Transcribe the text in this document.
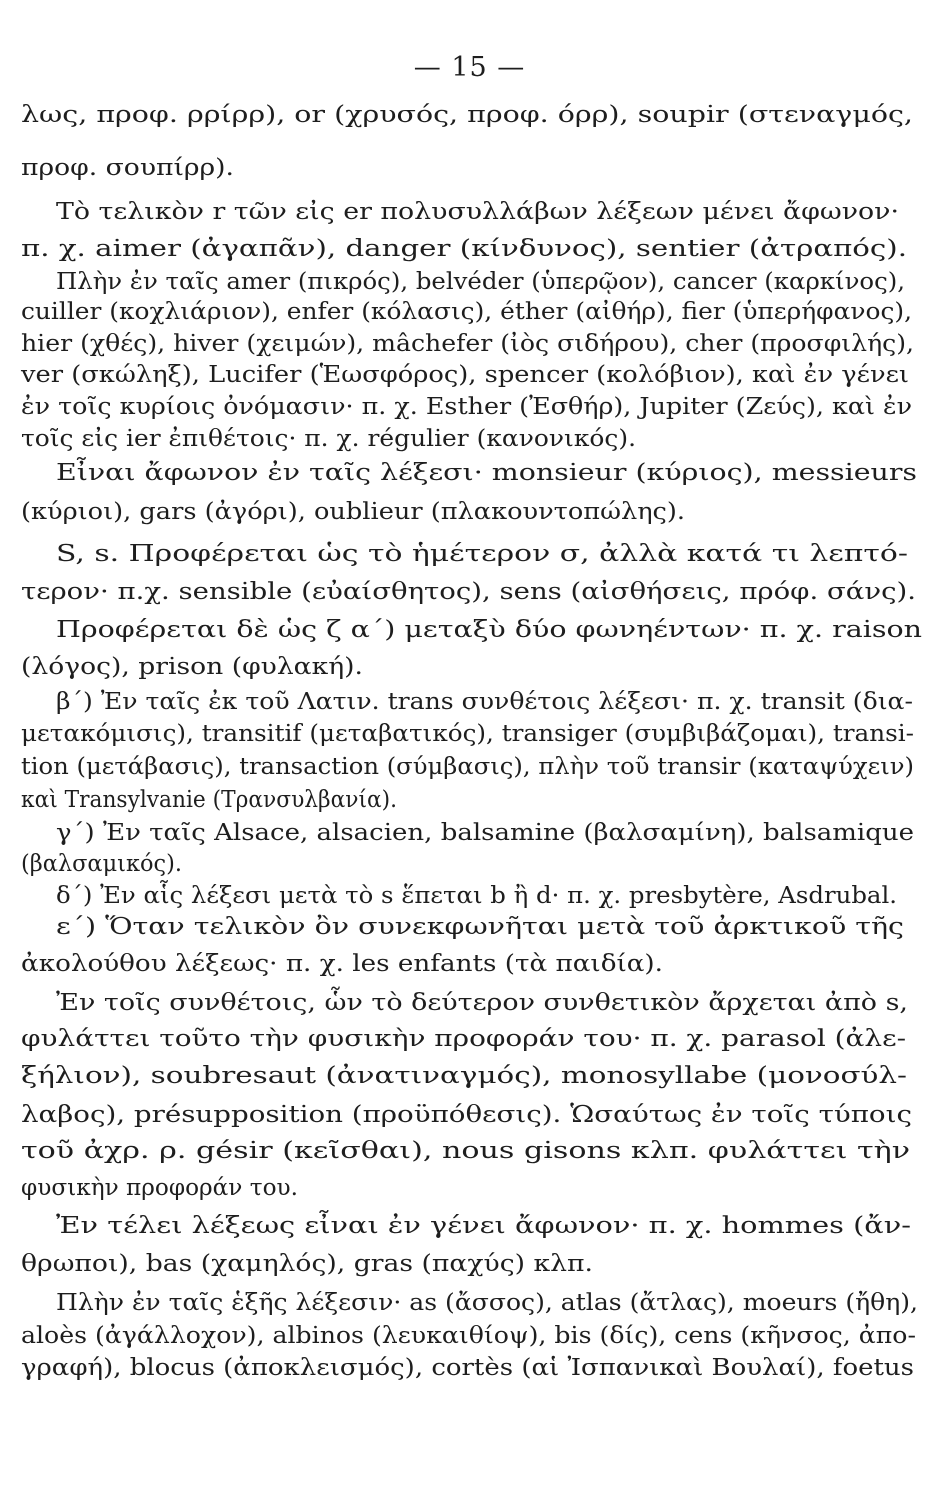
— 15 —
λως, προφ. ρρίρρ), or (χρυσός, προφ. όρρ), soupir (στεναγμός,
προφ. σουπίρρ).
Τὸ τελικὸν r τῶν εἰς er πολυσυλλάβων λέξεων μένει ἄφωνον·
π. χ. aimer (ἀγαπᾶν), danger (κίνδυνος), sentier (ἀτραπός).
Πλὴν ἐν ταῖς amer (πικρός), belvéder (ὑπερῷον), cancer (καρκίνος),
cuiller (κοχλιάριον), enfer (κόλασις), éther (αἰθήρ), fier (ὑπερήφανος),
hier (χθές), hiver (χειμών), mâchefer (ἰὸς σιδήρου), cher (προσφιλής),
ver (σκώληξ), Lucifer (Ἑωσφόρος), spencer (κολόβιον), καὶ ἐν γένει
ἐν τοῖς κυρίοις ὀνόμασιν· π. χ. Esther (Ἐσθήρ), Jupiter (Ζεύς), καὶ ἐν
τοῖς εἰς ier ἐπιθέτοις· π. χ. régulier (κανονικός).
Εἶναι ἄφωνον ἐν ταῖς λέξεσι· monsieur (κύριος), messieurs
(κύριοι), gars (ἀγόρι), oublieur (πλακουντοπώλης).
S, s. Προφέρεται ὡς τὸ ἡμέτερον σ, ἀλλὰ κατά τι λεπτό-
τερον· π.χ. sensible (εὐαίσθητος), sens (αἰσθήσεις, πρόφ. σάνς).
Προφέρεται δὲ ὡς ζ α΄) μεταξὺ δύο φωνηέντων· π. χ. raison
(λόγος), prison (φυλακή).
β΄) Ἐν ταῖς ἐκ τοῦ Λατιν. trans συνθέτοις λέξεσι· π. χ. transit (δια-
μετακόμισις), transitif (μεταβατικός), transiger (συμβιβάζομαι), transi-
tion (μετάβασις), transaction (σύμβασις), πλὴν τοῦ transir (καταψύχειν)
καὶ Transylvanie (Τρανσυλβανία).
γ΄) Ἐν ταῖς Alsace, alsacien, balsamine (βαλσαμίνη), balsamique
(βαλσαμικός).
δ΄) Ἐν αἷς λέξεσι μετὰ τὸ s ἕπεται b ἢ d· π. χ. presbytère, Asdrubal.
ε΄) Ὅταν τελικὸν ὂν συνεκφωνῆται μετὰ τοῦ ἀρκτικοῦ τῆς
ἀκολούθου λέξεως· π. χ. les enfants (τὰ παιδία).
Ἐν τοῖς συνθέτοις, ὧν τὸ δεύτερον συνθετικὸν ἄρχεται ἀπὸ s,
φυλάττει τοῦτο τὴν φυσικὴν προφοράν του· π. χ. parasol (ἀλε-
ξήλιον), soubresaut (ἀνατιναγμός), monosyllabe (μονοσύλ-
λαβος), présupposition (προϋπόθεσις). Ὡσαύτως ἐν τοῖς τύποις
τοῦ ἀχρ. ρ. gésir (κεῖσθαι), nous gisons κλπ. φυλάττει τὴν
φυσικὴν προφοράν του.
Ἐν τέλει λέξεως εἶναι ἐν γένει ἄφωνον· π. χ. hommes (ἄν-
θρωποι), bas (χαμηλός), gras (παχύς) κλπ.
Πλὴν ἐν ταῖς ἑξῆς λέξεσιν· as (ἄσσος), atlas (ἄτλας), moeurs (ἤθη),
aloès (ἀγάλλοχον), albinos (λευκαιθίοψ), bis (δίς), cens (κῆνσος, ἀπο-
γραφή), blocus (ἀποκλεισμός), cortès (αἱ Ἰσπανικαὶ Βουλαί), foetus
